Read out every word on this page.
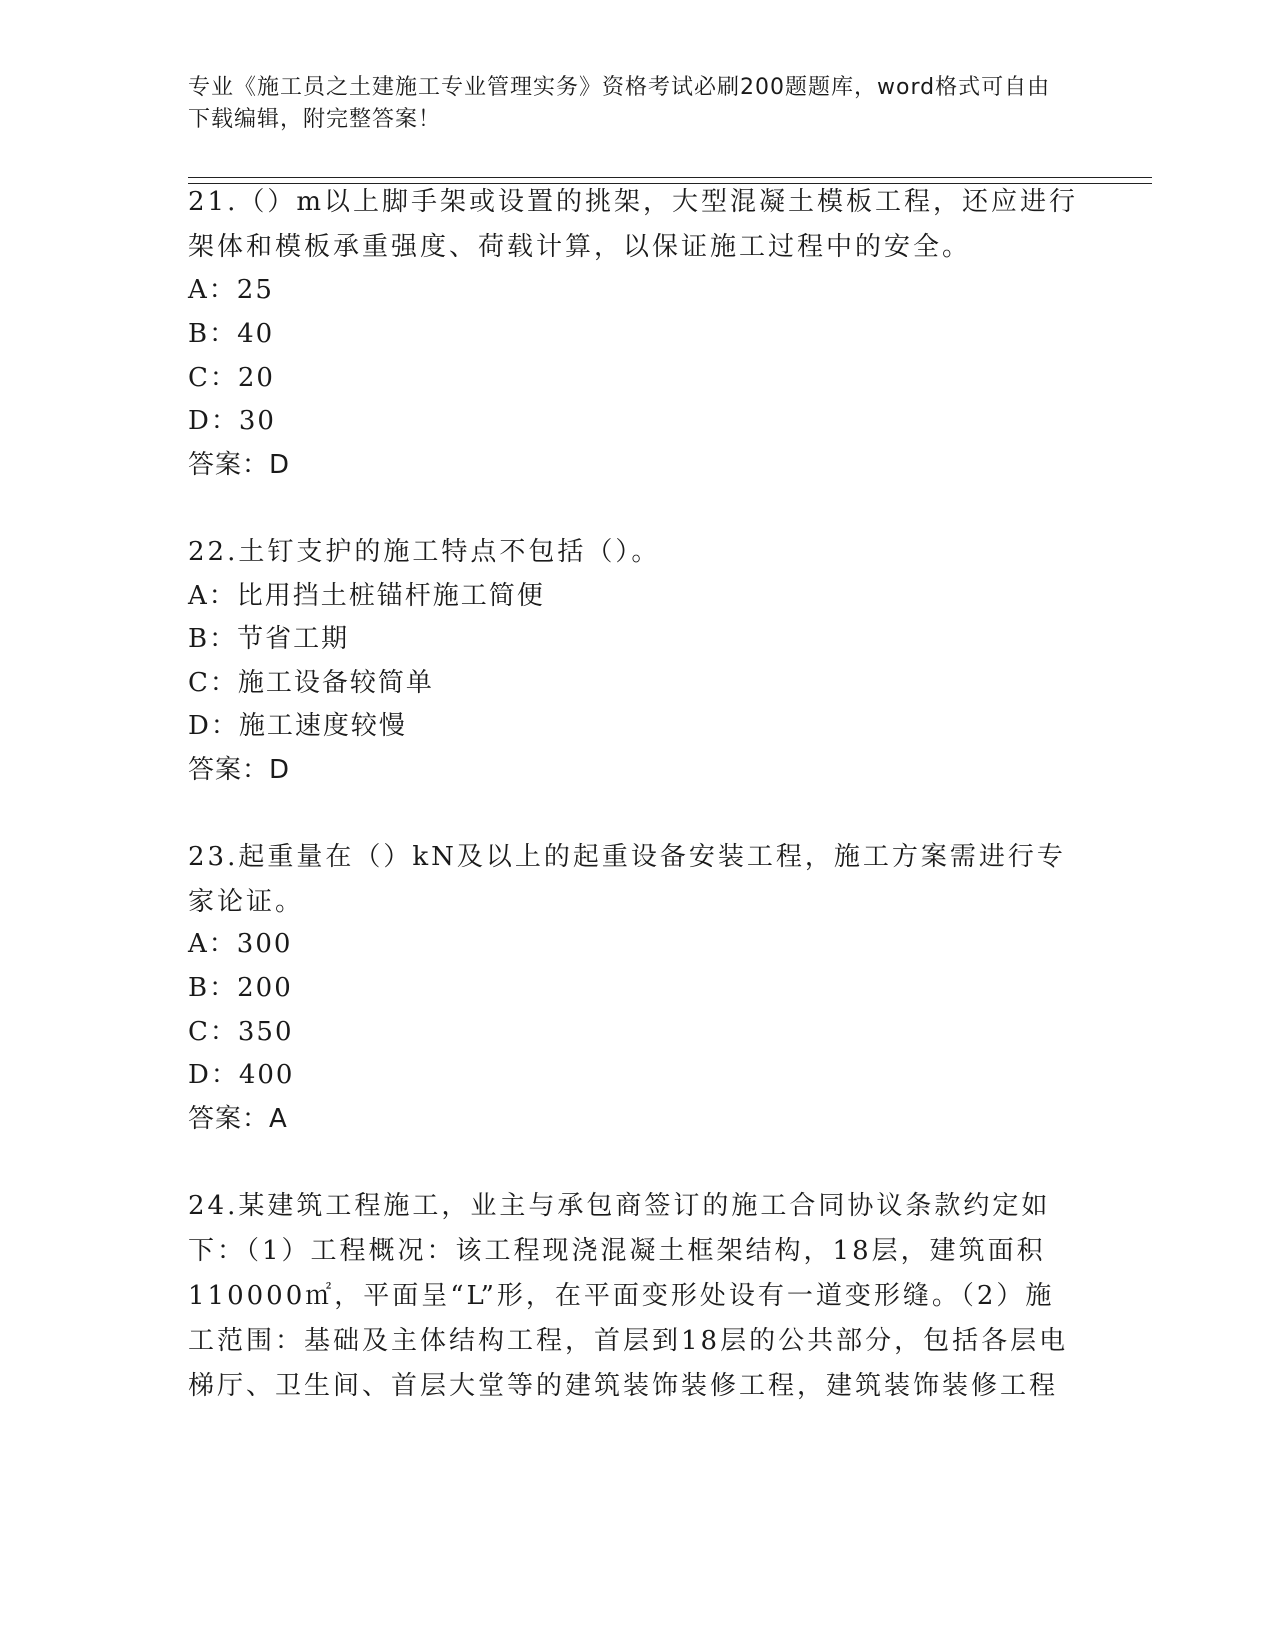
专业《施工员之土建施工专业管理实务》资格考试必刷200题题库，word格式可自由下载编辑，附完整答案！
21.（）m以上脚手架或设置的挑架，大型混凝土模板工程，还应进行架体和模板承重强度、荷载计算，以保证施工过程中的安全。
A：25
B：40
C：20
D：30
答案：D
22.土钉支护的施工特点不包括（）。
A：比用挡土桩锚杆施工简便
B：节省工期
C：施工设备较简单
D：施工速度较慢
答案：D
23.起重量在（）kN及以上的起重设备安装工程，施工方案需进行专家论证。
A：300
B：200
C：350
D：400
答案：A
24.某建筑工程施工，业主与承包商签订的施工合同协议条款约定如下：（1）工程概况：该工程现浇混凝土框架结构，18层，建筑面积110000㎡，平面呈“L”形，在平面变形处设有一道变形缝。（2）施工范围：基础及主体结构工程，首层到18层的公共部分，包括各层电梯厅、卫生间、首层大堂等的建筑装饰装修工程，建筑装饰装修工程
